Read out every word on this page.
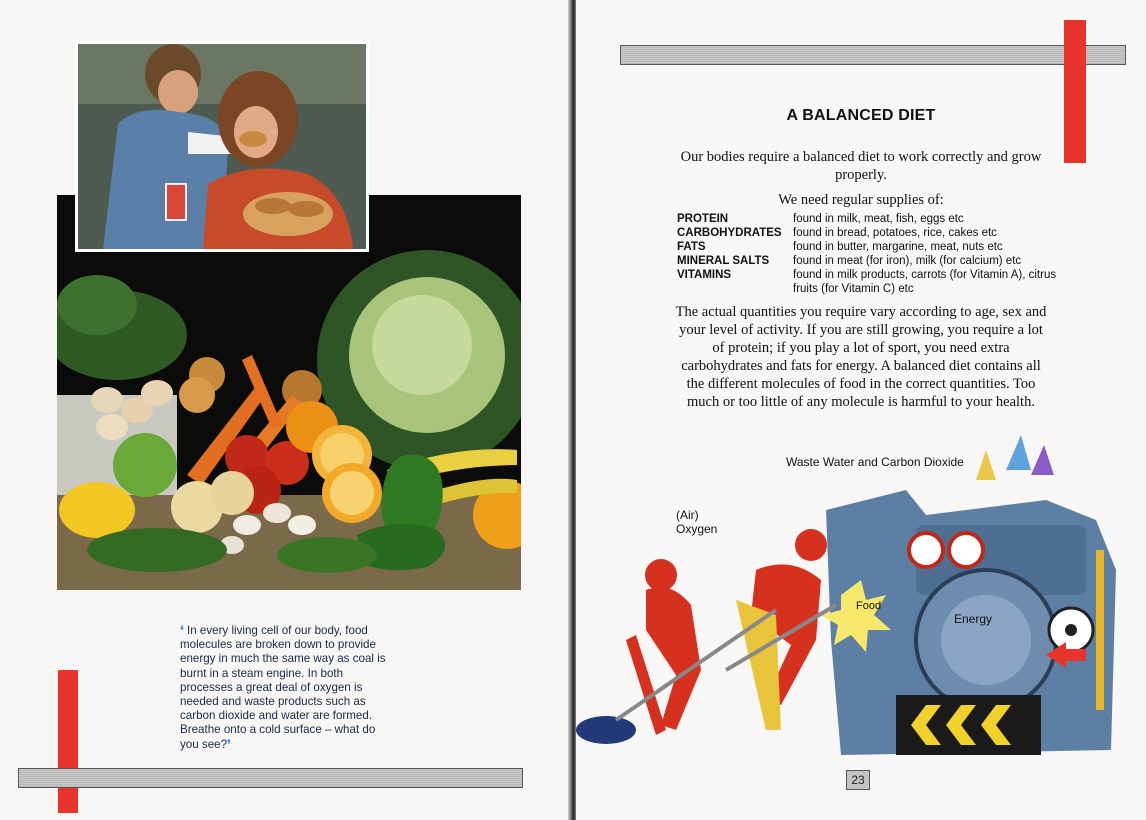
❛ In every living cell of our body, food molecules are broken down to provide energy in much the same way as coal is burnt in a steam engine. In both processes a great deal of oxygen is needed and waste products such as carbon dioxide and water are formed. Breathe onto a cold surface – what do you see?❜
A BALANCED DIET
Our bodies require a balanced diet to work correctly and grow properly.
We need regular supplies of:
PROTEIN	found in milk, meat, fish, eggs etc
CARBOHYDRATES found in bread, potatoes, rice, cakes etc
FATS	found in butter, margarine, meat, nuts etc
MINERAL SALTS	found in meat (for iron), milk (for calcium) etc
VITAMINS	found in milk products, carrots (for Vitamin A), citrus fruits (for Vitamin C) etc
The actual quantities you require vary according to age, sex and your level of activity. If you are still growing, you require a lot of protein; if you play a lot of sport, you need extra carbohydrates and fats for energy. A balanced diet contains all the different molecules of food in the correct quantities. Too much or too little of any molecule is harmful to your health.
Waste Water and Carbon Dioxide
(Air)
Oxygen
Food
Energy
23
